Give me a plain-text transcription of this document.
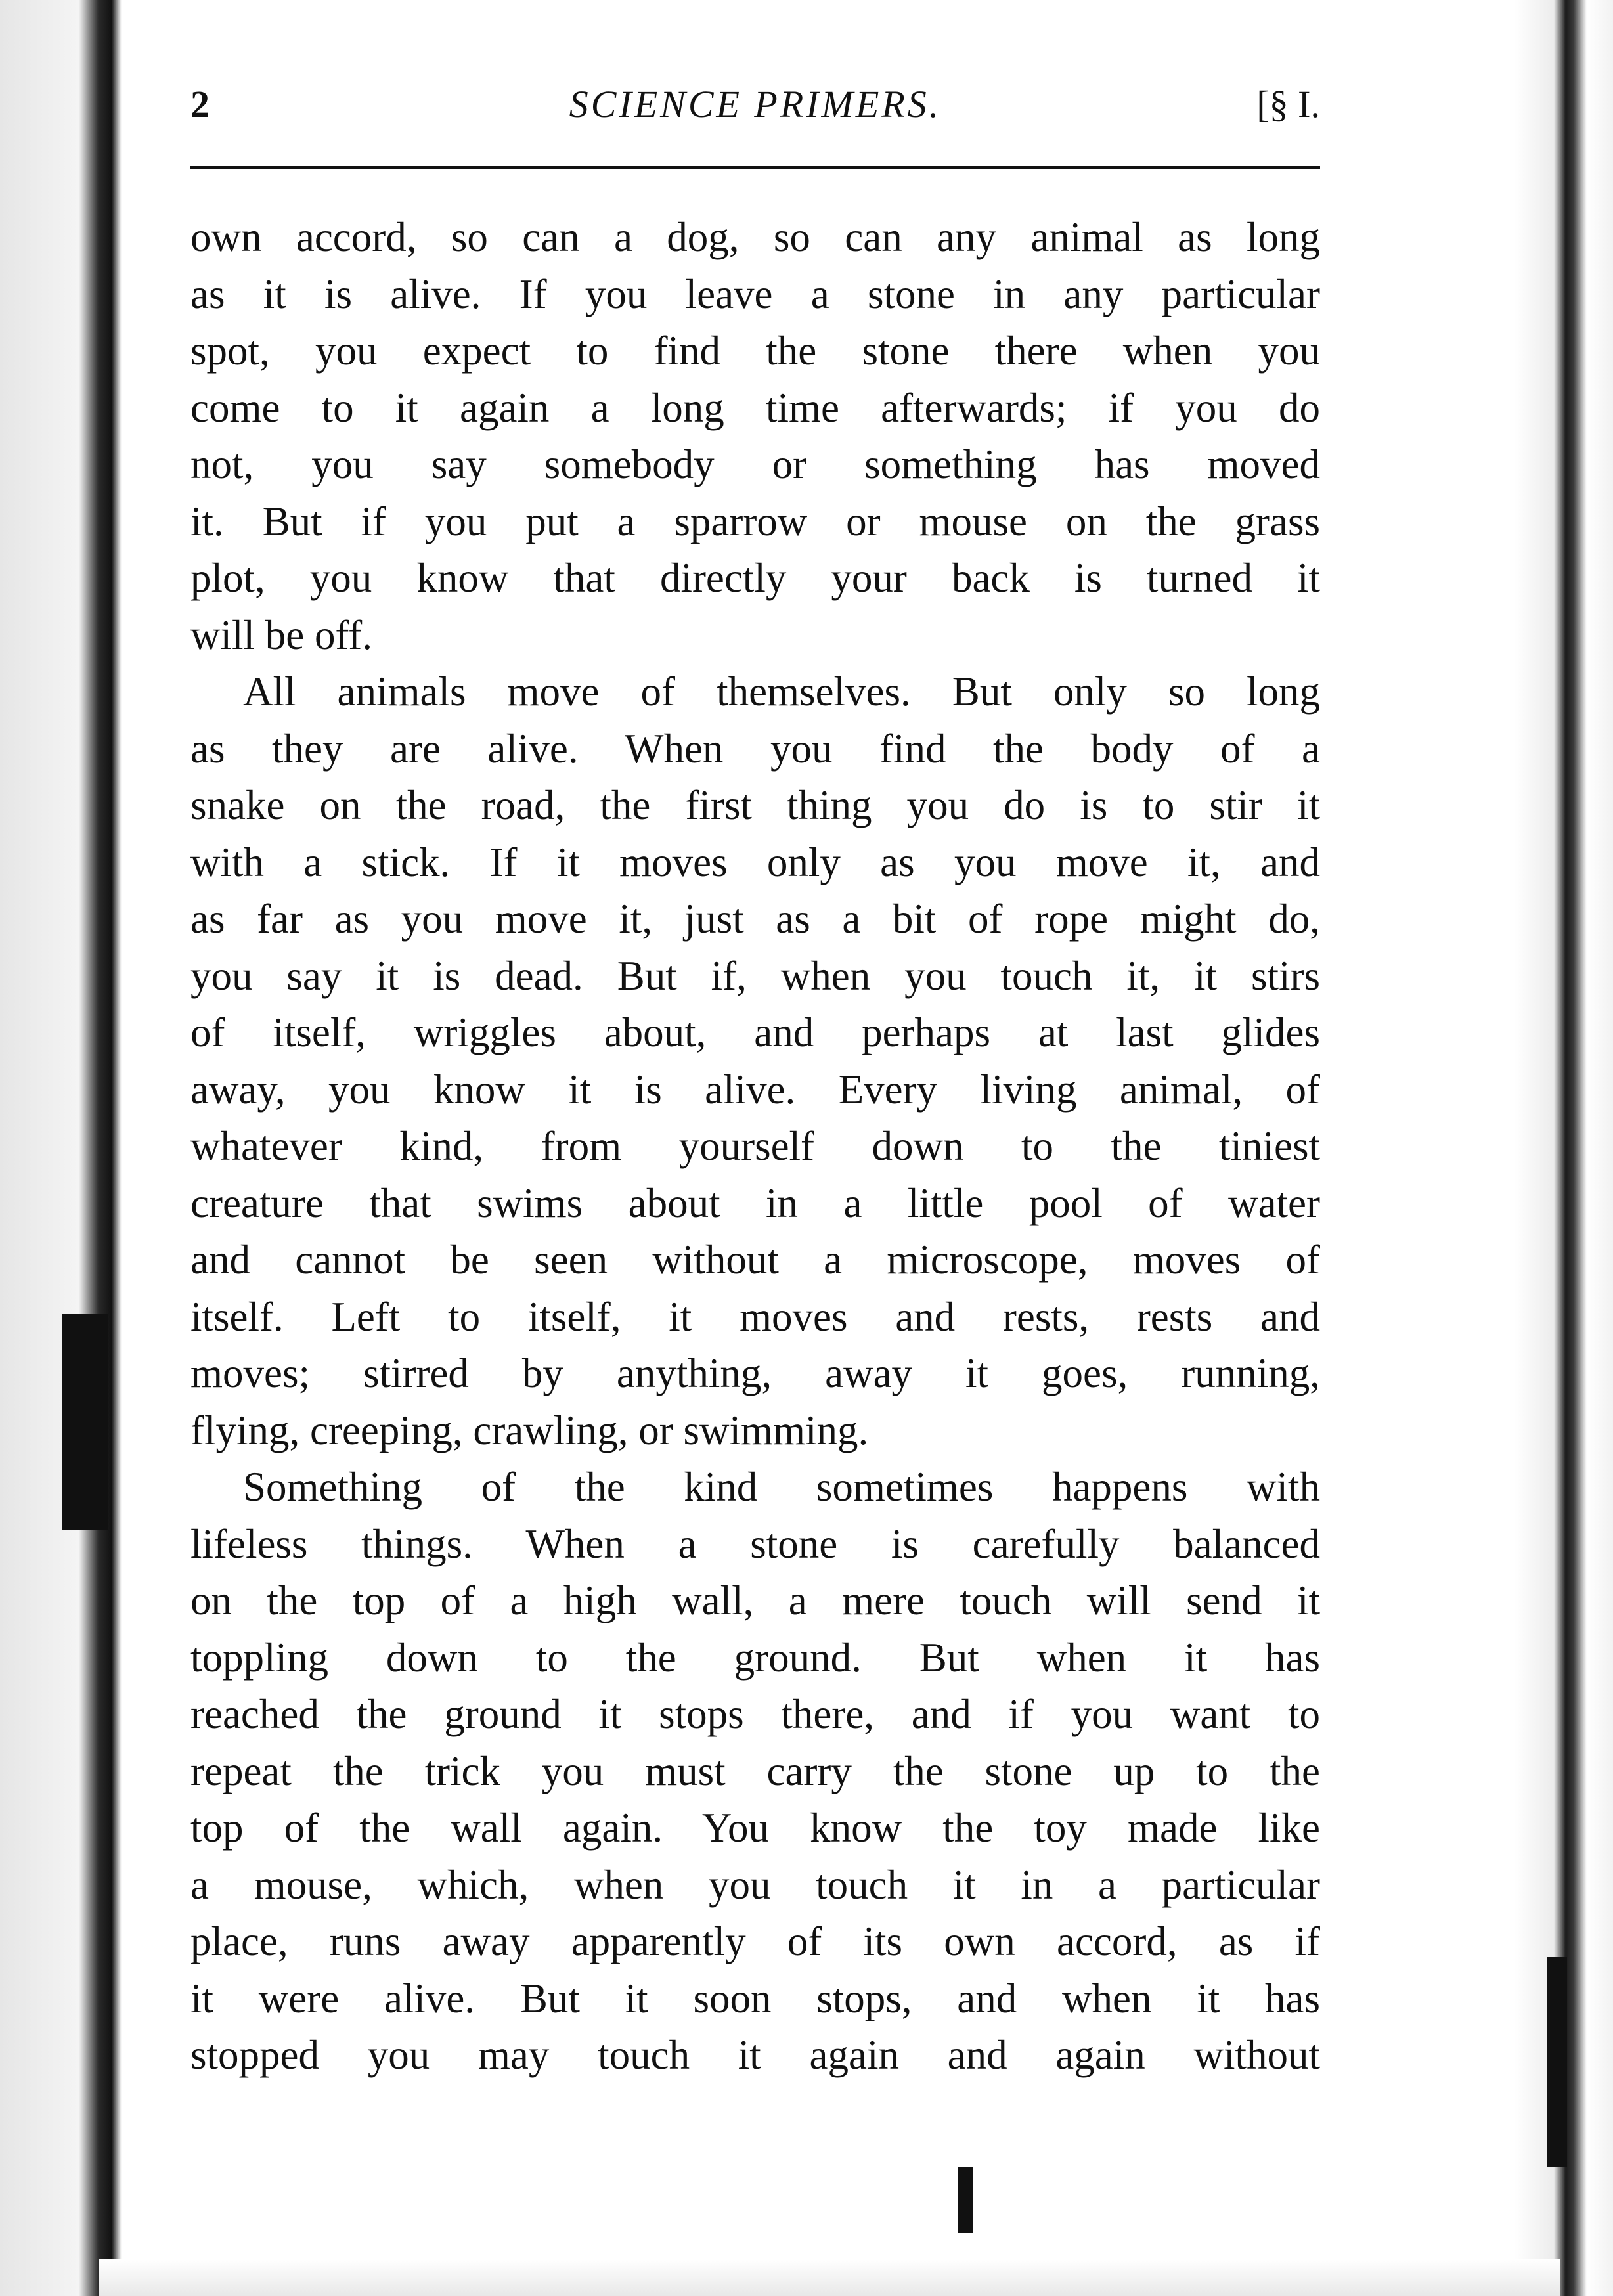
2	SCIENCE PRIMERS.	[§ I.
own accord, so can a dog, so can any animal as long
as it is alive. If you leave a stone in any particular
spot, you expect to find the stone there when you
come to it again a long time afterwards; if you do
not, you say somebody or something has moved
it. But if you put a sparrow or mouse on the grass
plot, you know that directly your back is turned it
will be off.
All animals move of themselves. But only so long
as they are alive. When you find the body of a
snake on the road, the first thing you do is to stir it
with a stick. If it moves only as you move it, and
as far as you move it, just as a bit of rope might do,
you say it is dead. But if, when you touch it, it stirs
of itself, wriggles about, and perhaps at last glides
away, you know it is alive. Every living animal, of
whatever kind, from yourself down to the tiniest
creature that swims about in a little pool of water
and cannot be seen without a microscope, moves of
itself. Left to itself, it moves and rests, rests and
moves; stirred by anything, away it goes, running,
flying, creeping, crawling, or swimming.
Something of the kind sometimes happens with
lifeless things. When a stone is carefully balanced
on the top of a high wall, a mere touch will send it
toppling down to the ground. But when it has
reached the ground it stops there, and if you want to
repeat the trick you must carry the stone up to the
top of the wall again. You know the toy made like
a mouse, which, when you touch it in a particular
place, runs away apparently of its own accord, as if
it were alive. But it soon stops, and when it has
stopped you may touch it again and again without
